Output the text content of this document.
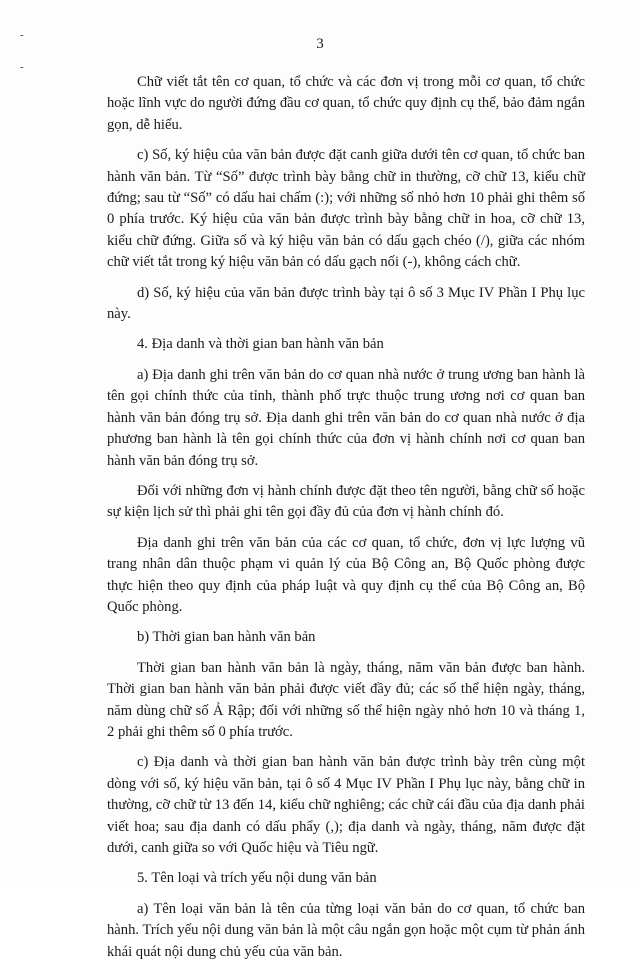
-
-
3

Chữ viết tắt tên cơ quan, tổ chức và các đơn vị trong mỗi cơ quan, tổ chức hoặc lĩnh vực do người đứng đầu cơ quan, tổ chức quy định cụ thể, bảo đảm ngắn gọn, dễ hiểu.

c) Số, ký hiệu của văn bản được đặt canh giữa dưới tên cơ quan, tổ chức ban hành văn bản. Từ “Số” được trình bày bằng chữ in thường, cỡ chữ 13, kiểu chữ đứng; sau từ “Số” có dấu hai chấm (:); với những số nhỏ hơn 10 phải ghi thêm số 0 phía trước. Ký hiệu của văn bản được trình bày bằng chữ in hoa, cỡ chữ 13, kiểu chữ đứng. Giữa số và ký hiệu văn bản có dấu gạch chéo (/), giữa các nhóm chữ viết tắt trong ký hiệu văn bản có dấu gạch nối (-), không cách chữ.

d) Số, ký hiệu của văn bản được trình bày tại ô số 3 Mục IV Phần I Phụ lục này.

4. Địa danh và thời gian ban hành văn bản

a) Địa danh ghi trên văn bản do cơ quan nhà nước ở trung ương ban hành là tên gọi chính thức của tỉnh, thành phố trực thuộc trung ương nơi cơ quan ban hành văn bản đóng trụ sở. Địa danh ghi trên văn bản do cơ quan nhà nước ở địa phương ban hành là tên gọi chính thức của đơn vị hành chính nơi cơ quan ban hành văn bản đóng trụ sở.

Đối với những đơn vị hành chính được đặt theo tên người, bằng chữ số hoặc sự kiện lịch sử thì phải ghi tên gọi đầy đủ của đơn vị hành chính đó.

Địa danh ghi trên văn bản của các cơ quan, tổ chức, đơn vị lực lượng vũ trang nhân dân thuộc phạm vi quản lý của Bộ Công an, Bộ Quốc phòng được thực hiện theo quy định của pháp luật và quy định cụ thể của Bộ Công an, Bộ Quốc phòng.

b) Thời gian ban hành văn bản

Thời gian ban hành văn bản là ngày, tháng, năm văn bản được ban hành. Thời gian ban hành văn bản phải được viết đầy đủ; các số thể hiện ngày, tháng, năm dùng chữ số Ả Rập; đối với những số thể hiện ngày nhỏ hơn 10 và tháng 1, 2 phải ghi thêm số 0 phía trước.

c) Địa danh và thời gian ban hành văn bản được trình bày trên cùng một dòng với số, ký hiệu văn bản, tại ô số 4 Mục IV Phần I Phụ lục này, bằng chữ in thường, cỡ chữ từ 13 đến 14, kiểu chữ nghiêng; các chữ cái đầu của địa danh phải viết hoa; sau địa danh có dấu phẩy (,); địa danh và ngày, tháng, năm được đặt dưới, canh giữa so với Quốc hiệu và Tiêu ngữ.

5. Tên loại và trích yếu nội dung văn bản

a) Tên loại văn bản là tên của từng loại văn bản do cơ quan, tổ chức ban hành. Trích yếu nội dung văn bản là một câu ngắn gọn hoặc một cụm từ phản ánh khái quát nội dung chủ yếu của văn bản.
